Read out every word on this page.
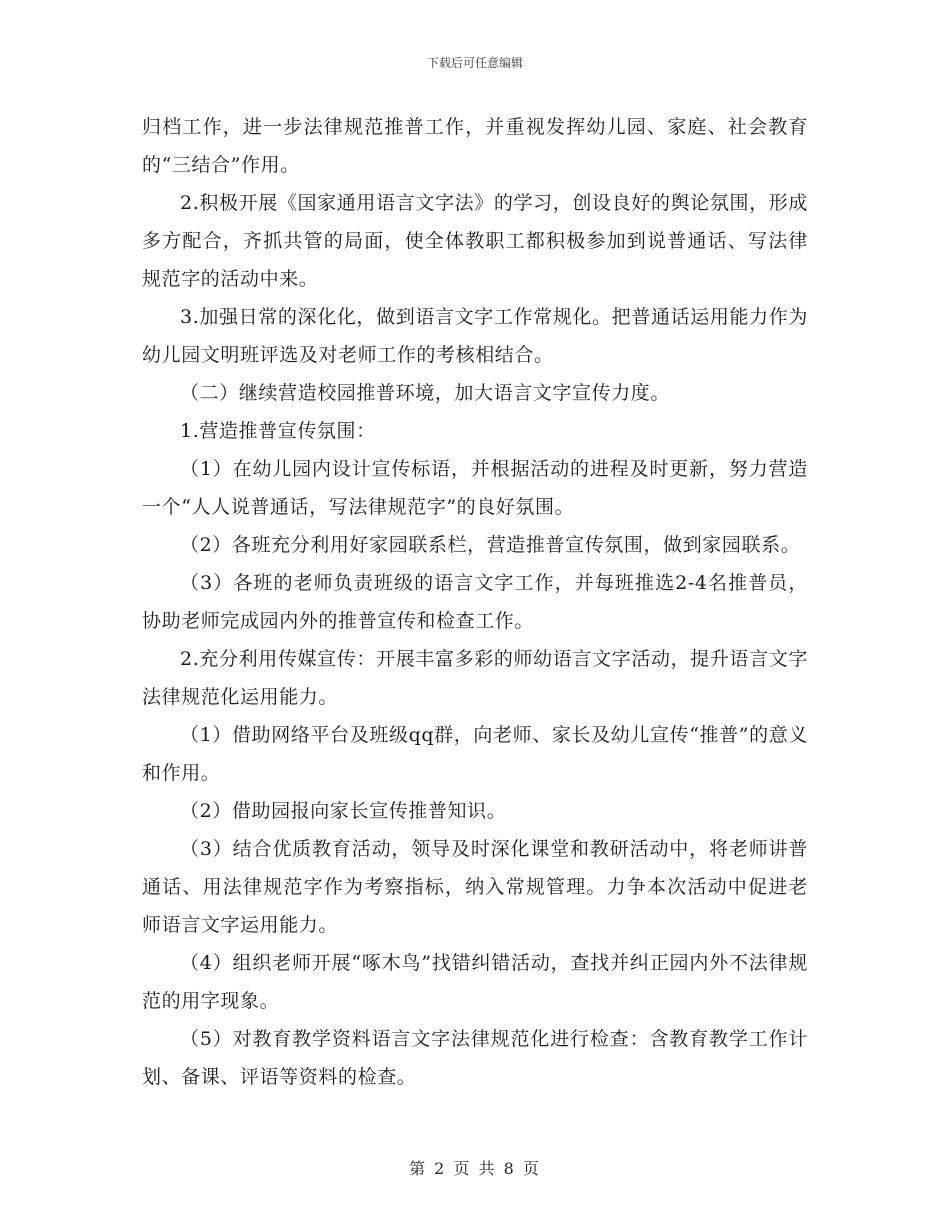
下载后可任意编辑

归档工作，进一步法律规范推普工作，并重视发挥幼儿园、家庭、社会教育的“三结合”作用。

2.积极开展《国家通用语言文字法》的学习，创设良好的舆论氛围，形成多方配合，齐抓共管的局面，使全体教职工都积极参加到说普通话、写法律规范字的活动中来。

3.加强日常的深化化，做到语言文字工作常规化。把普通话运用能力作为幼儿园文明班评选及对老师工作的考核相结合。

（二）继续营造校园推普环境，加大语言文字宣传力度。

1.营造推普宣传氛围：

（1）在幼儿园内设计宣传标语，并根据活动的进程及时更新，努力营造一个“人人说普通话，写法律规范字”的良好氛围。

（2）各班充分利用好家园联系栏，营造推普宣传氛围，做到家园联系。

（3）各班的老师负责班级的语言文字工作，并每班推选2-4名推普员，协助老师完成园内外的推普宣传和检查工作。

2.充分利用传媒宣传：开展丰富多彩的师幼语言文字活动，提升语言文字法律规范化运用能力。

（1）借助网络平台及班级qq群，向老师、家长及幼儿宣传“推普”的意义和作用。

（2）借助园报向家长宣传推普知识。

（3）结合优质教育活动，领导及时深化课堂和教研活动中，将老师讲普通话、用法律规范字作为考察指标，纳入常规管理。力争本次活动中促进老师语言文字运用能力。

（4）组织老师开展“啄木鸟”找错纠错活动，查找并纠正园内外不法律规范的用字现象。

（5）对教育教学资料语言文字法律规范化进行检查：含教育教学工作计划、备课、评语等资料的检查。

第 2 页 共 8 页
